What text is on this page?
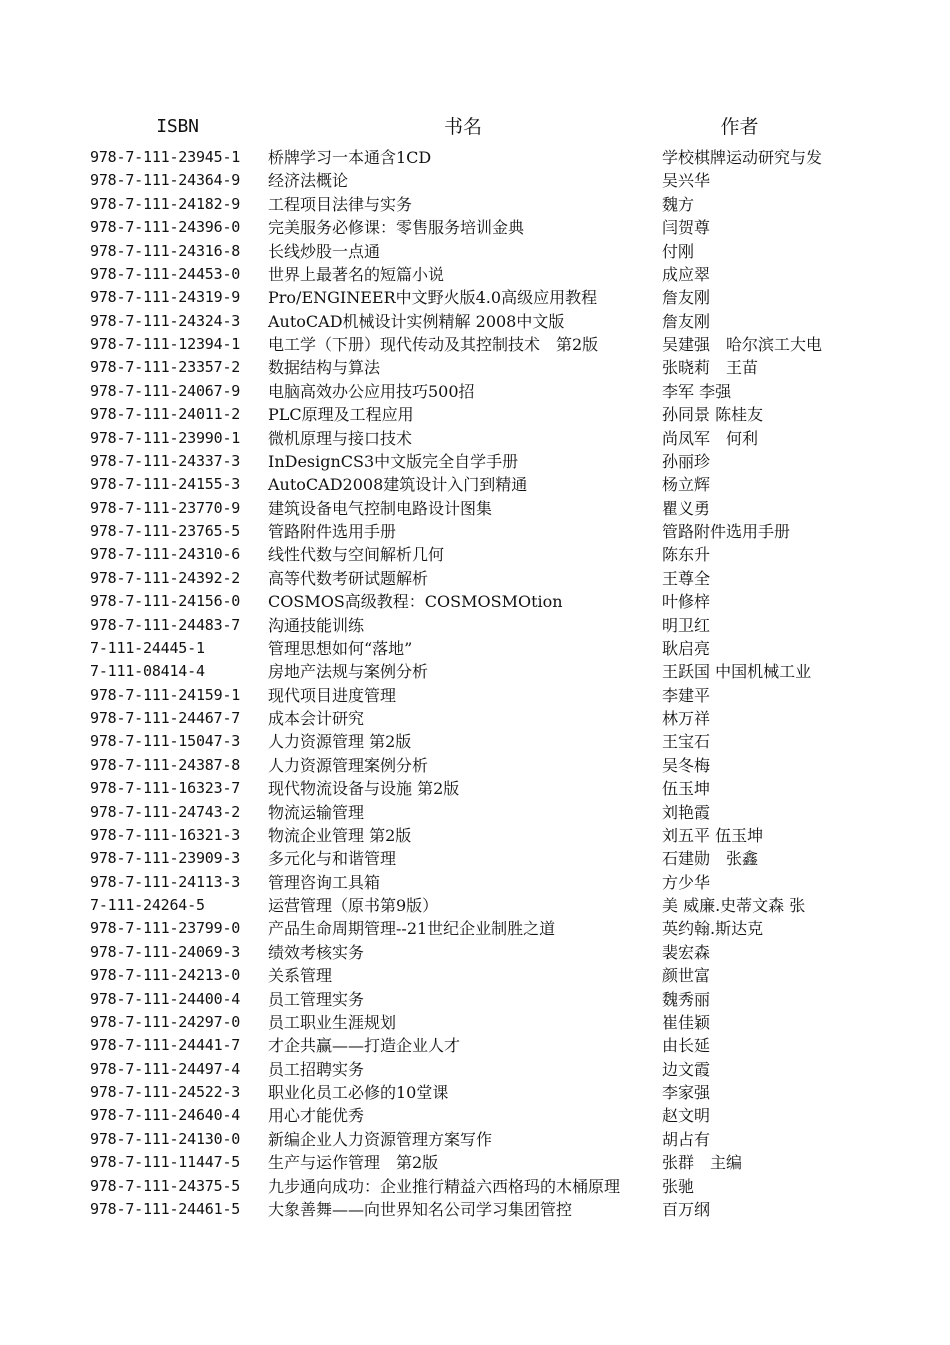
ISBN	书名	作者
978-7-111-23945-1 桥牌学习一本通含1CD	学校棋牌运动研究与发
978-7-111-24364-9 经济法概论	吴兴华
978-7-111-24182-9 工程项目法律与实务	魏方
978-7-111-24396-0 完美服务必修课：零售服务培训金典	闫贺尊
978-7-111-24316-8 长线炒股一点通	付刚
978-7-111-24453-0 世界上最著名的短篇小说	成应翠
978-7-111-24319-9 Pro/ENGINEER中文野火版4.0高级应用教程	詹友刚
978-7-111-24324-3 AutoCAD机械设计实例精解 2008中文版	詹友刚
978-7-111-12394-1 电工学（下册）现代传动及其控制技术　第2版	吴建强　哈尔滨工大电
978-7-111-23357-2 数据结构与算法	张晓莉　王苗
978-7-111-24067-9 电脑高效办公应用技巧500招	李军 李强
978-7-111-24011-2 PLC原理及工程应用	孙同景 陈桂友
978-7-111-23990-1 微机原理与接口技术	尚凤军　何利
978-7-111-24337-3 InDesignCS3中文版完全自学手册	孙丽珍
978-7-111-24155-3 AutoCAD2008建筑设计入门到精通	杨立辉
978-7-111-23770-9 建筑设备电气控制电路设计图集	瞿义勇
978-7-111-23765-5 管路附件选用手册	管路附件选用手册
978-7-111-24310-6 线性代数与空间解析几何	陈东升
978-7-111-24392-2 高等代数考研试题解析	王尊全
978-7-111-24156-0 COSMOS高级教程：COSMOSMOtion	叶修梓
978-7-111-24483-7 沟通技能训练	明卫红
7-111-24445-1	管理思想如何“落地”	耿启亮
7-111-08414-4	房地产法规与案例分析	王跃国 中国机械工业
978-7-111-24159-1 现代项目进度管理	李建平
978-7-111-24467-7 成本会计研究	林万祥
978-7-111-15047-3 人力资源管理 第2版	王宝石
978-7-111-24387-8 人力资源管理案例分析	吴冬梅
978-7-111-16323-7 现代物流设备与设施 第2版	伍玉坤
978-7-111-24743-2 物流运输管理	刘艳霞
978-7-111-16321-3 物流企业管理 第2版	刘五平 伍玉坤
978-7-111-23909-3 多元化与和谐管理	石建勋　张鑫
978-7-111-24113-3 管理咨询工具箱	方少华
7-111-24264-5	运营管理（原书第9版）	美 威廉.史蒂文森 张
978-7-111-23799-0 产品生命周期管理--21世纪企业制胜之道	英约翰.斯达克
978-7-111-24069-3 绩效考核实务	裴宏森
978-7-111-24213-0 关系管理	颜世富
978-7-111-24400-4 员工管理实务	魏秀丽
978-7-111-24297-0 员工职业生涯规划	崔佳颖
978-7-111-24441-7 才企共赢——打造企业人才	由长延
978-7-111-24497-4 员工招聘实务	边文霞
978-7-111-24522-3 职业化员工必修的10堂课	李家强
978-7-111-24640-4 用心才能优秀	赵文明
978-7-111-24130-0 新编企业人力资源管理方案写作	胡占有
978-7-111-11447-5 生产与运作管理　第2版	张群　主编
978-7-111-24375-5 九步通向成功：企业推行精益六西格玛的木桶原理	张驰
978-7-111-24461-5 大象善舞——向世界知名公司学习集团管控	百万纲
